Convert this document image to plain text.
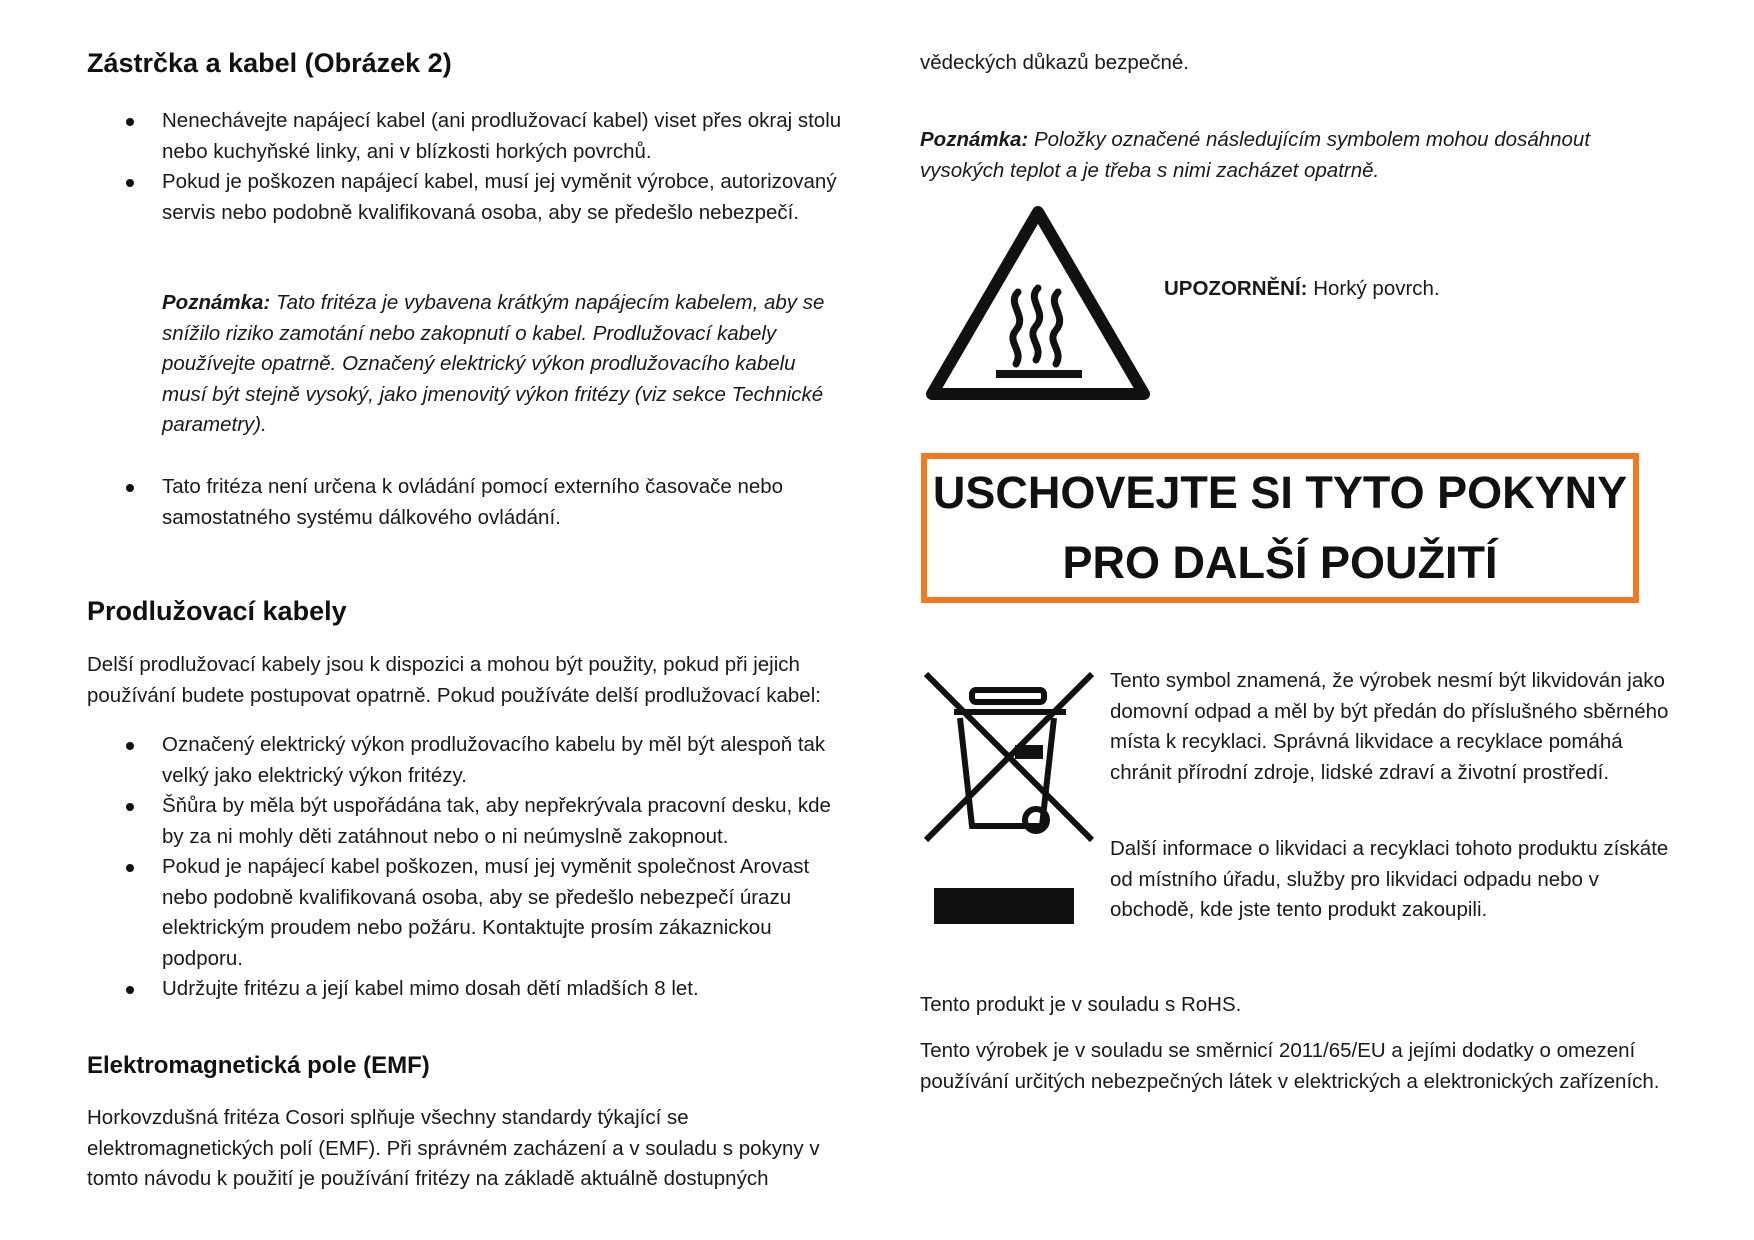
Zástrčka a kabel (Obrázek 2)
Nenechávejte napájecí kabel (ani prodlužovací kabel) viset přes okraj stolu nebo kuchyňské linky, ani v blízkosti horkých povrchů.
Pokud je poškozen napájecí kabel, musí jej vyměnit výrobce, autorizovaný servis nebo podobně kvalifikovaná osoba, aby se předešlo nebezpečí.

Poznámka: Tato fritéza je vybavena krátkým napájecím kabelem, aby se snížilo riziko zamotání nebo zakopnutí o kabel. Prodlužovací kabely používejte opatrně. Označený elektrický výkon prodlužovacího kabelu musí být stejně vysoký, jako jmenovitý výkon fritézy (viz sekce Technické parametry).

Tato fritéza není určena k ovládání pomocí externího časovače nebo samostatného systému dálkového ovládání.
Prodlužovací kabely

Delší prodlužovací kabely jsou k dispozici a mohou být použity, pokud při jejich používání budete postupovat opatrně. Pokud používáte delší prodlužovací kabel:

Označený elektrický výkon prodlužovacího kabelu by měl být alespoň tak velký jako elektrický výkon fritézy.
Šňůra by měla být uspořádána tak, aby nepřekrývala pracovní desku, kde by za ni mohly děti zatáhnout nebo o ni neúmyslně zakopnout.
Pokud je napájecí kabel poškozen, musí jej vyměnit společnost Arovast nebo podobně kvalifikovaná osoba, aby se předešlo nebezpečí úrazu elektrickým proudem nebo požáru. Kontaktujte prosím zákaznickou podporu.
Udržujte fritézu a její kabel mimo dosah dětí mladších 8 let.
Elektromagnetická pole (EMF)

Horkovzdušná fritéza Cosori splňuje všechny standardy týkající se elektromagnetických polí (EMF). Při správném zacházení a v souladu s pokyny v tomto návodu k použití je používání fritézy na základě aktuálně dostupných

vědeckých důkazů bezpečné.

Poznámka: Položky označené následujícím symbolem mohou dosáhnout vysokých teplot a je třeba s nimi zacházet opatrně.

UPOZORNĚNÍ: Horký povrch.

Tento symbol znamená, že výrobek nesmí být likvidován jako domovní odpad a měl by být předán do příslušného sběrného místa k recyklaci. Správná likvidace a recyklace pomáhá chránit přírodní zdroje, lidské zdraví a životní prostředí.

Další informace o likvidaci a recyklaci tohoto produktu získáte od místního úřadu, služby pro likvidaci odpadu nebo v obchodě, kde jste tento produkt zakoupili.

Tento produkt je v souladu s RoHS.

Tento výrobek je v souladu se směrnicí 2011/65/EU a jejími dodatky o omezení používání určitých nebezpečných látek v elektrických a elektronických zařízeních.

USCHOVEJTE SI TYTO POKYNY
PRO DALŠÍ POUŽITÍ
